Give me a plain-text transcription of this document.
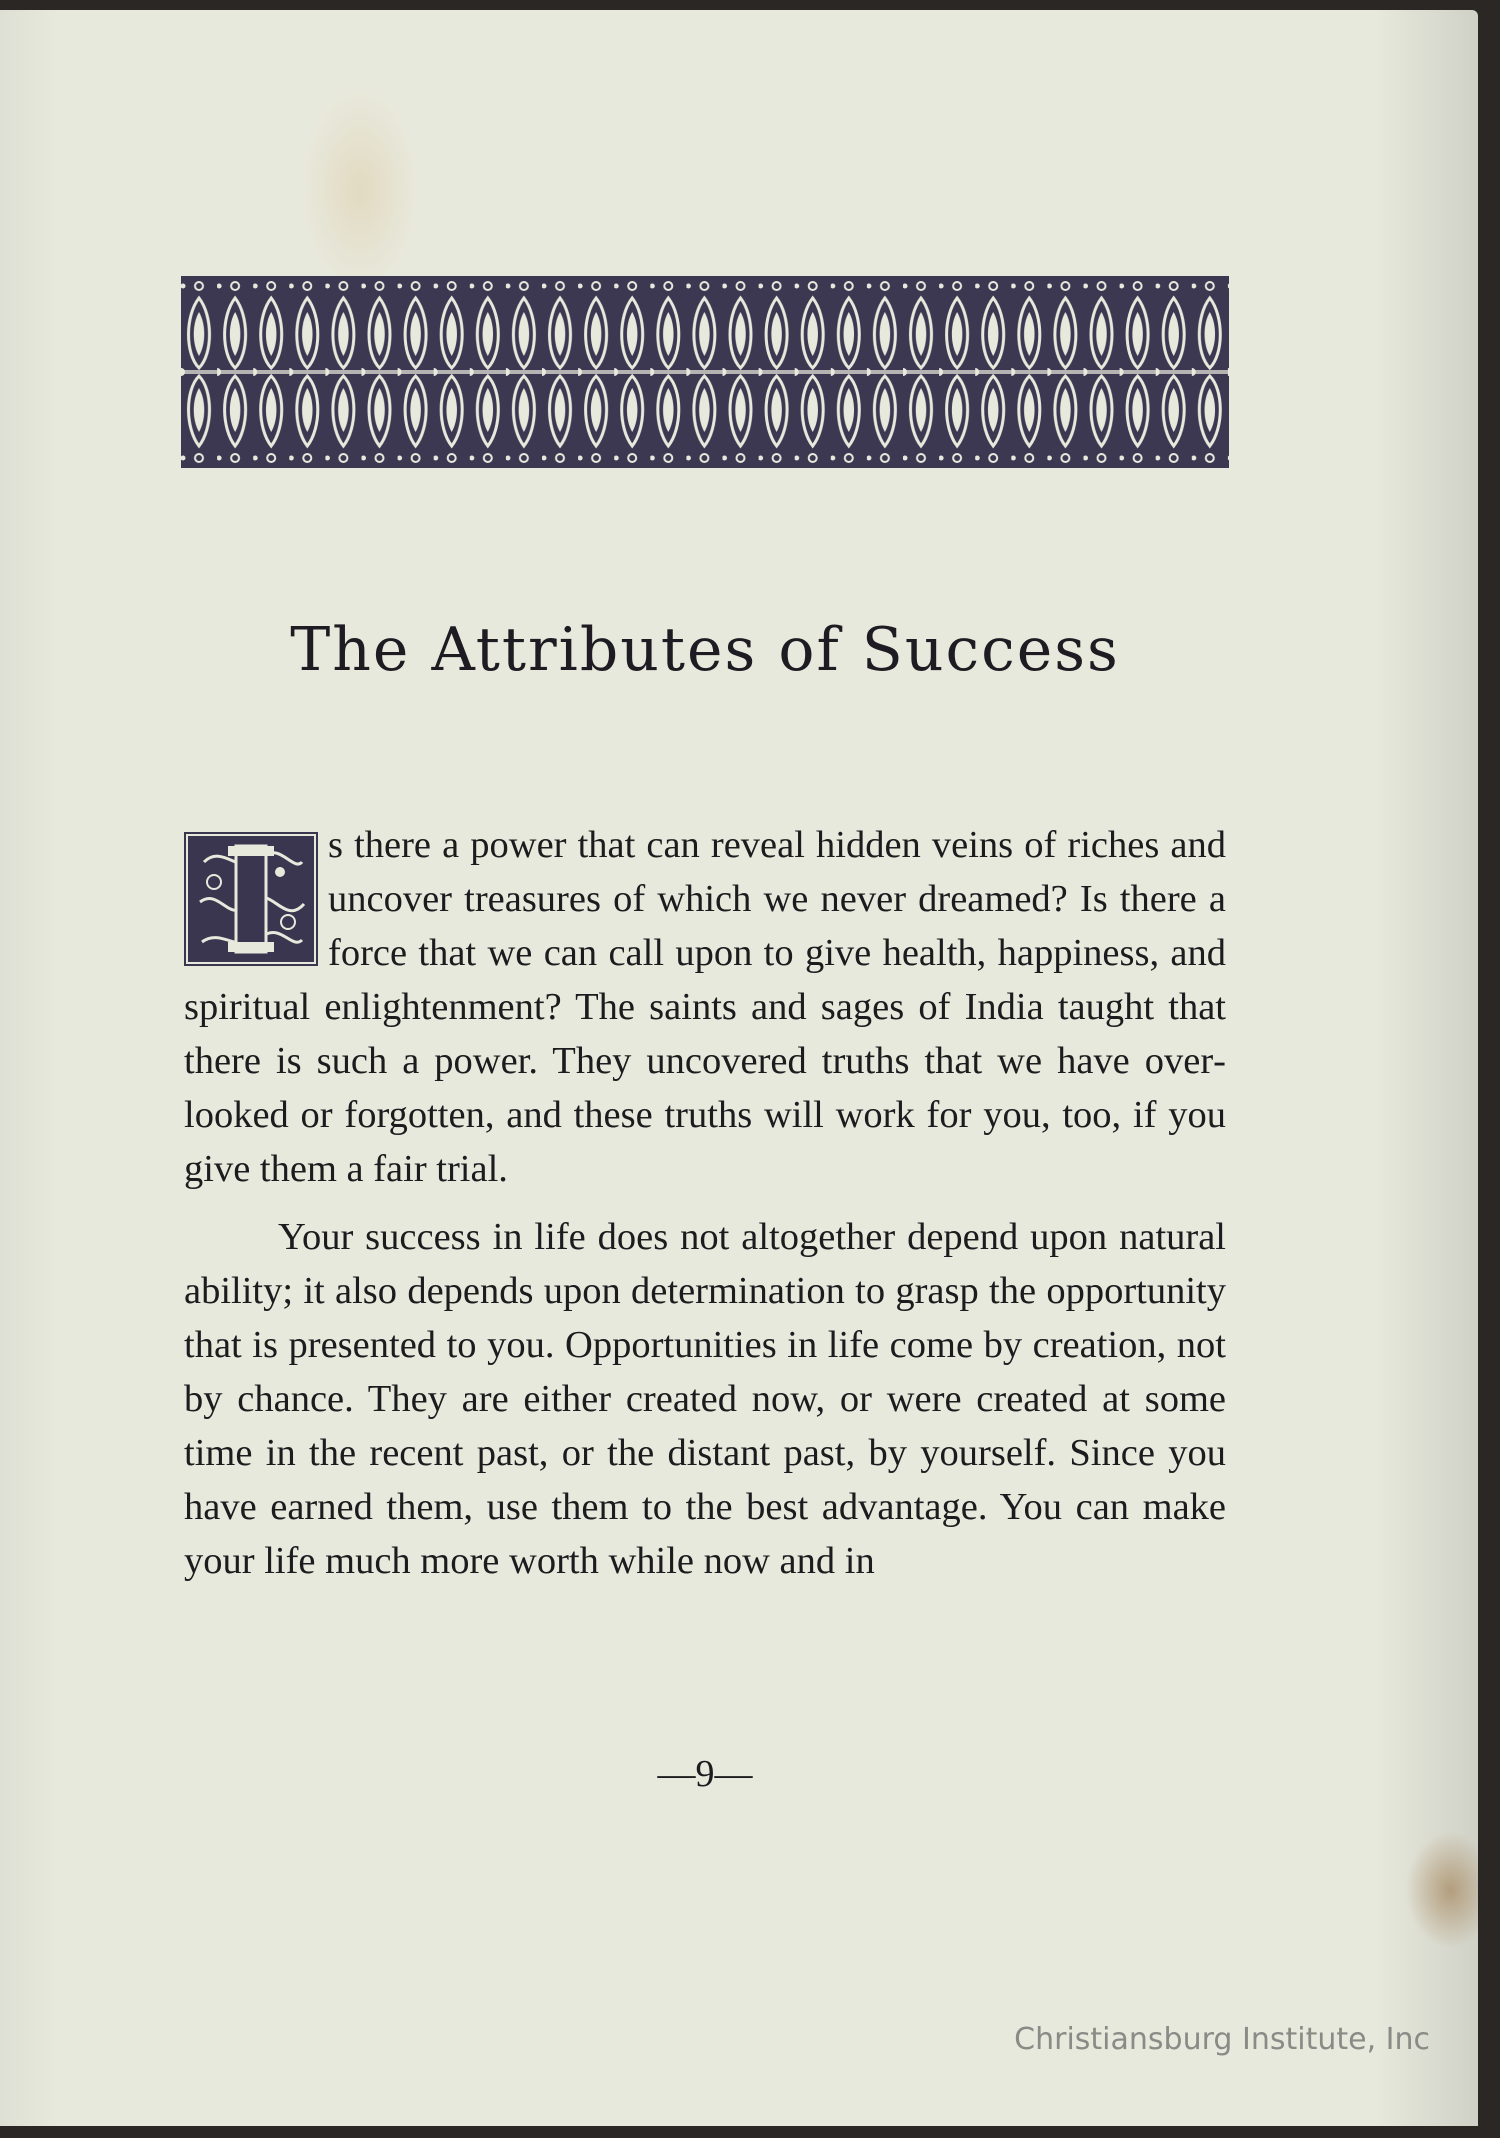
The Attributes of Success

s there a power that can reveal hidden veins of riches and uncover treasures of which we never dreamed? Is there a force that we can call upon to give health, happiness, and spiritual enlightenment? The saints and sages of India taught that there is such a power. They uncovered truths that we have overlooked or forgotten, and these truths will work for you, too, if you give them a fair trial.

Your success in life does not altogether depend upon natural ability; it also depends upon determination to grasp the opportunity that is presented to you. Opportunities in life come by creation, not by chance. They are either created now, or were created at some time in the recent past, or the distant past, by yourself. Since you have earned them, use them to the best advantage. You can make your life much more worth while now and in

—9—
Christiansburg Institute, Inc
